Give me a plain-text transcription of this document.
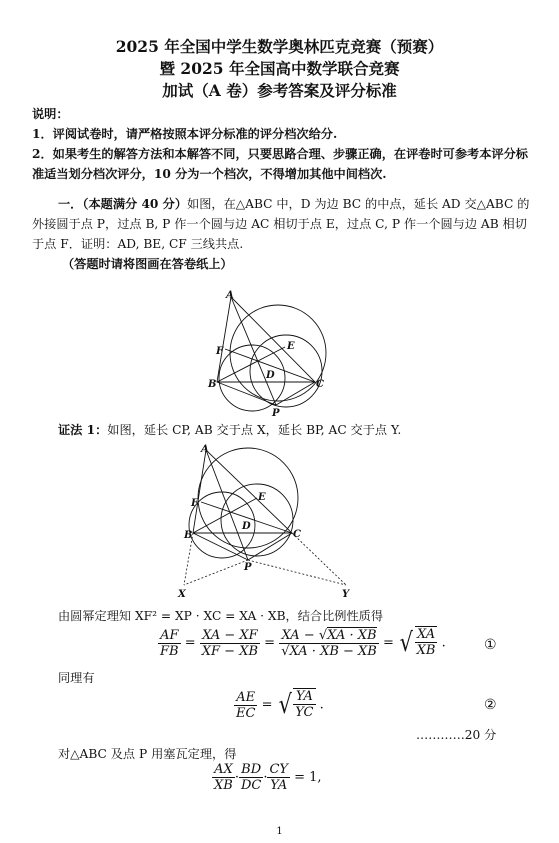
2025 年全国中学生数学奥林匹克竞赛（预赛）
暨 2025 年全国高中数学联合竞赛
加试（A 卷）参考答案及评分标准
说明：
1．评阅试卷时，请严格按照本评分标准的评分档次给分.
2．如果考生的解答方法和本解答不同，只要思路合理、步骤正确，在评卷时可参考本评分标准适当划分档次评分，10 分为一个档次，不得增加其他中间档次.
一．（本题满分 40 分）如图，在△ABC 中，D 为边 BC 的中点，延长 AD 交△ABC 的外接圆于点 P，过点 B, P 作一个圆与边 AC 相切于点 E，过点 C, P 作一个圆与边 AB 相切于点 F．证明：AD, BE, CF 三线共点.
（答题时请将图画在答卷纸上）
A
F	E
D
B	C
P
证法 1：如图，延长 CP, AB 交于点 X，延长 BP, AC 交于点 Y.
A
F
E
D
B	C
P
X	Y
由圆幂定理知 XF² = XP · XC = XA · XB，结合比例性质得
$\frac{AF}{FB} = \frac{XA - XF}{XF - XB} = \frac{XA - √XA \cdot XB}{√XA \cdot XB - XB}$ = √ $\frac{XA}{XB}$ .	①
同理有
$\frac{AE}{EC}$ = √ $\frac{YA}{YC}$ .	②
…………20 分
对△ABC 及点 P 用塞瓦定理，得
$\frac{AX}{XB} \cdot \frac{BD}{DC} \cdot \frac{CY}{YA} = 1$,
1
